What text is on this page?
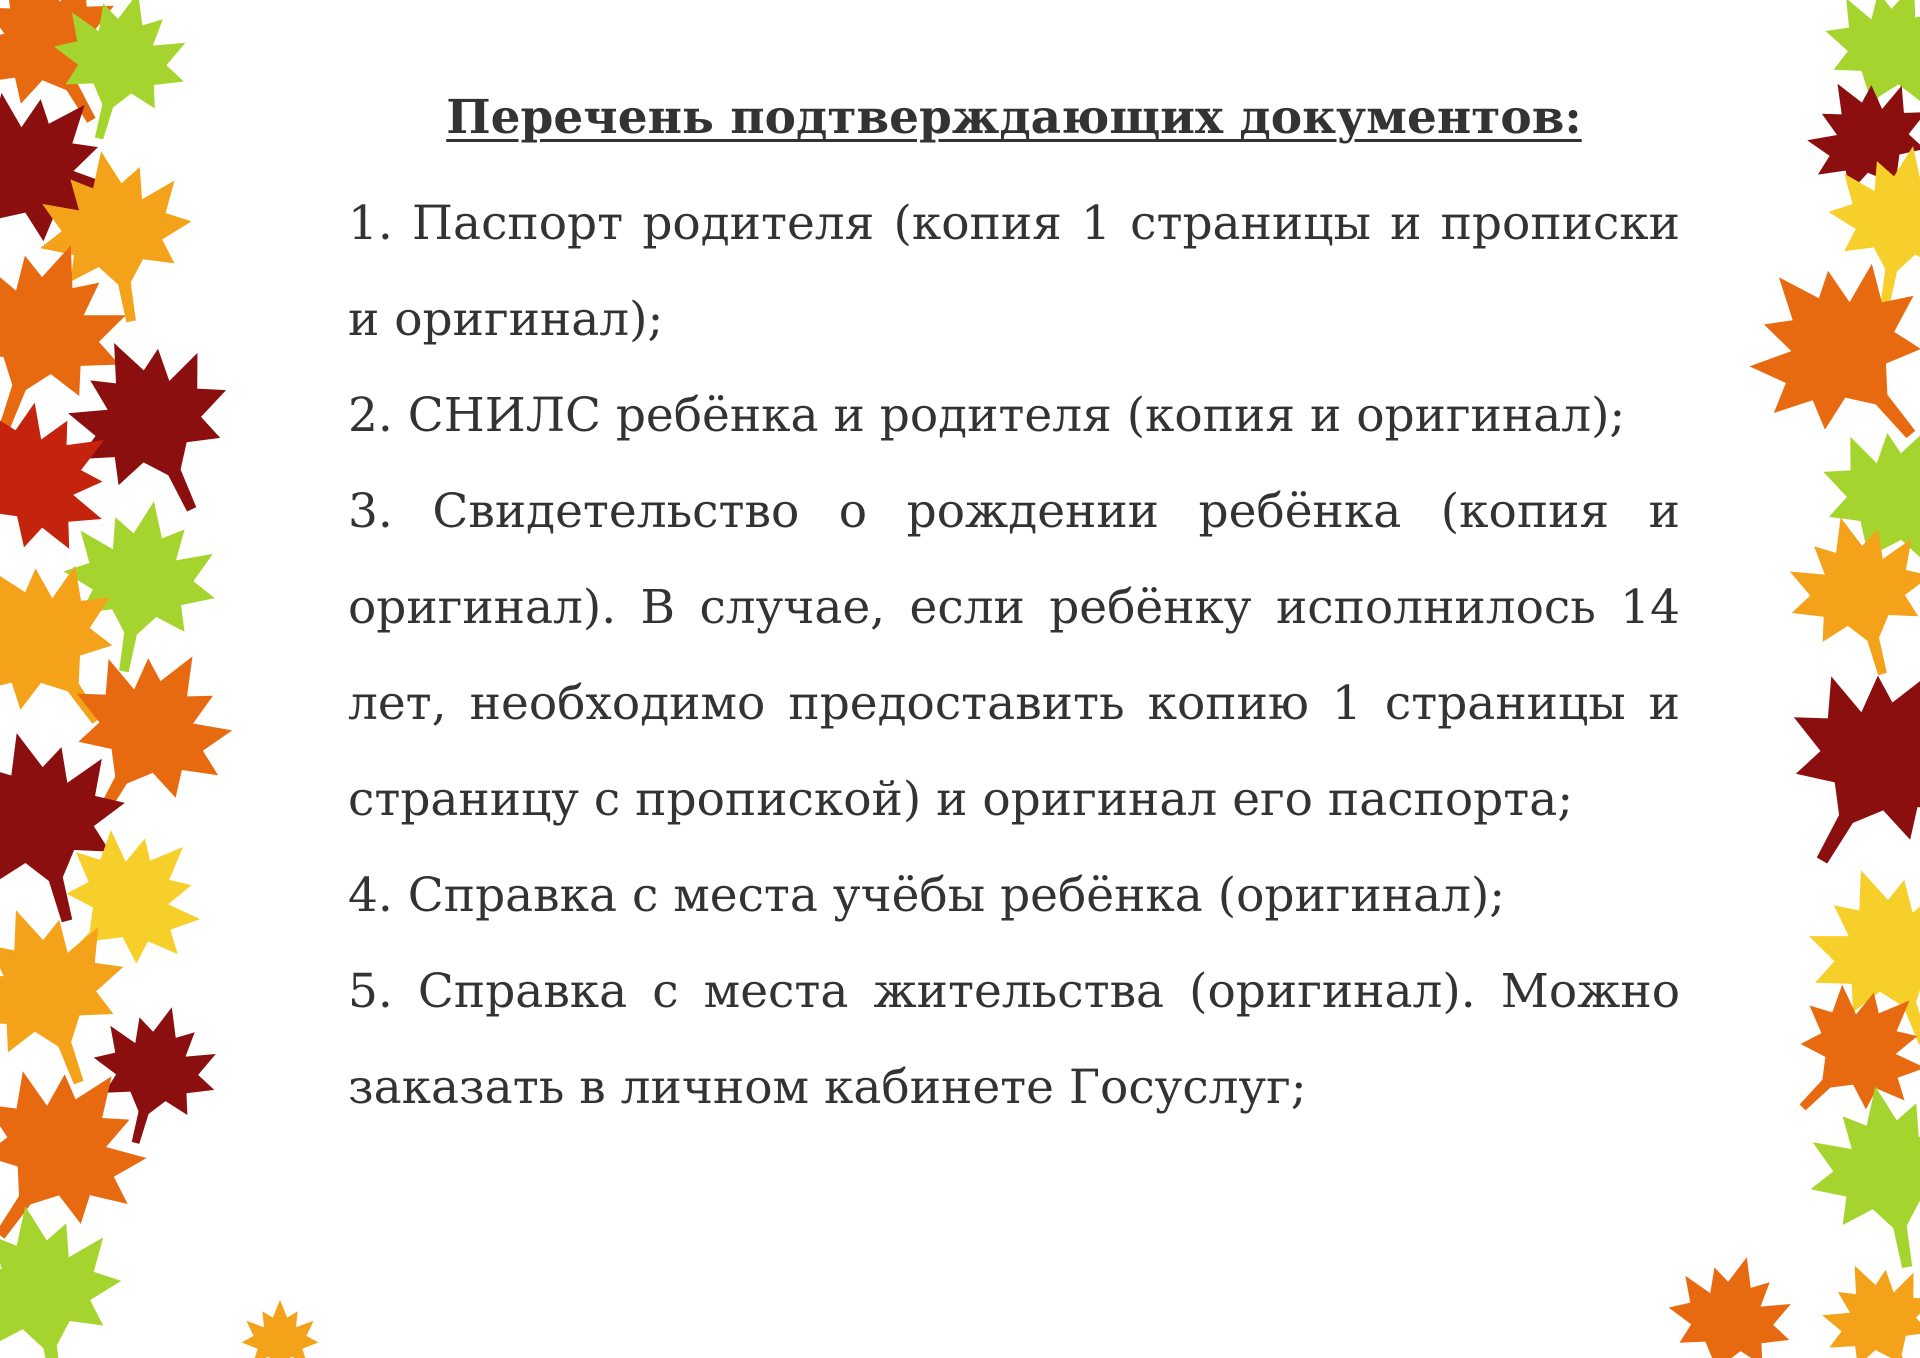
Перечень подтверждающих документов:
1. Паспорт родителя (копия 1 страницы и прописки и оригинал);
2. СНИЛС ребёнка и родителя (копия и оригинал);
3. Свидетельство о рождении ребёнка (копия и оригинал). В случае, если ребёнку исполнилось 14 лет, необходимо предоставить копию 1 страницы и страницу с пропиской) и оригинал его паспорта;
4. Справка с места учёбы ребёнка (оригинал);
5. Справка с места жительства (оригинал). Можно заказать в личном кабинете Госуслуг;
